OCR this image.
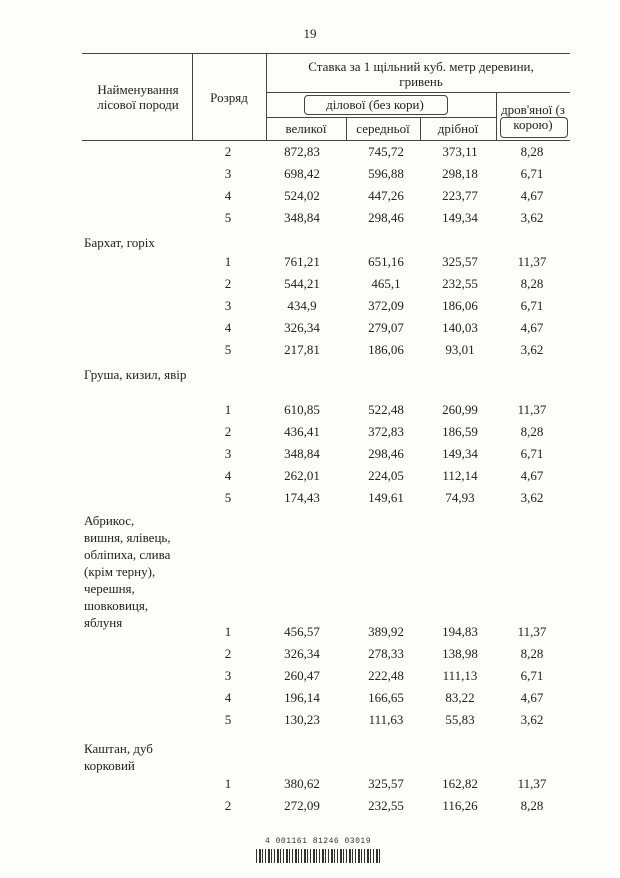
19
Найменування лісової породи	Розряд
Ставка за 1 щільний куб. метр деревини, гривень
ділової (без кори)	дров'яної (з корою)
великої	середньої	дрібної
2	872,83	745,72	373,11	8,28
3	698,42	596,88	298,18	6,71
4	524,02	447,26	223,77	4,67
5	348,84	298,46	149,34	3,62
Бархат, горіх
1	761,21	651,16	325,57	11,37
2	544,21	465,1	232,55	8,28
3	434,9	372,09	186,06	6,71
4	326,34	279,07	140,03	4,67
5	217,81	186,06	93,01	3,62
Груша, кизил, явір
1	610,85	522,48	260,99	11,37
2	436,41	372,83	186,59	8,28
3	348,84	298,46	149,34	6,71
4	262,01	224,05	112,14	4,67
5	174,43	149,61	74,93	3,62
Абрикос, вишня, ялівець, обліпиха, слива (крім терну), черешня, шовковиця, яблуня
1	456,57	389,92	194,83	11,37
2	326,34	278,33	138,98	8,28
3	260,47	222,48	111,13	6,71
4	196,14	166,65	83,22	4,67
5	130,23	111,63	55,83	3,62
Каштан, дуб корковий
1	380,62	325,57	162,82	11,37
2	272,09	232,55	116,26	8,28
4 001161 81246 03019
